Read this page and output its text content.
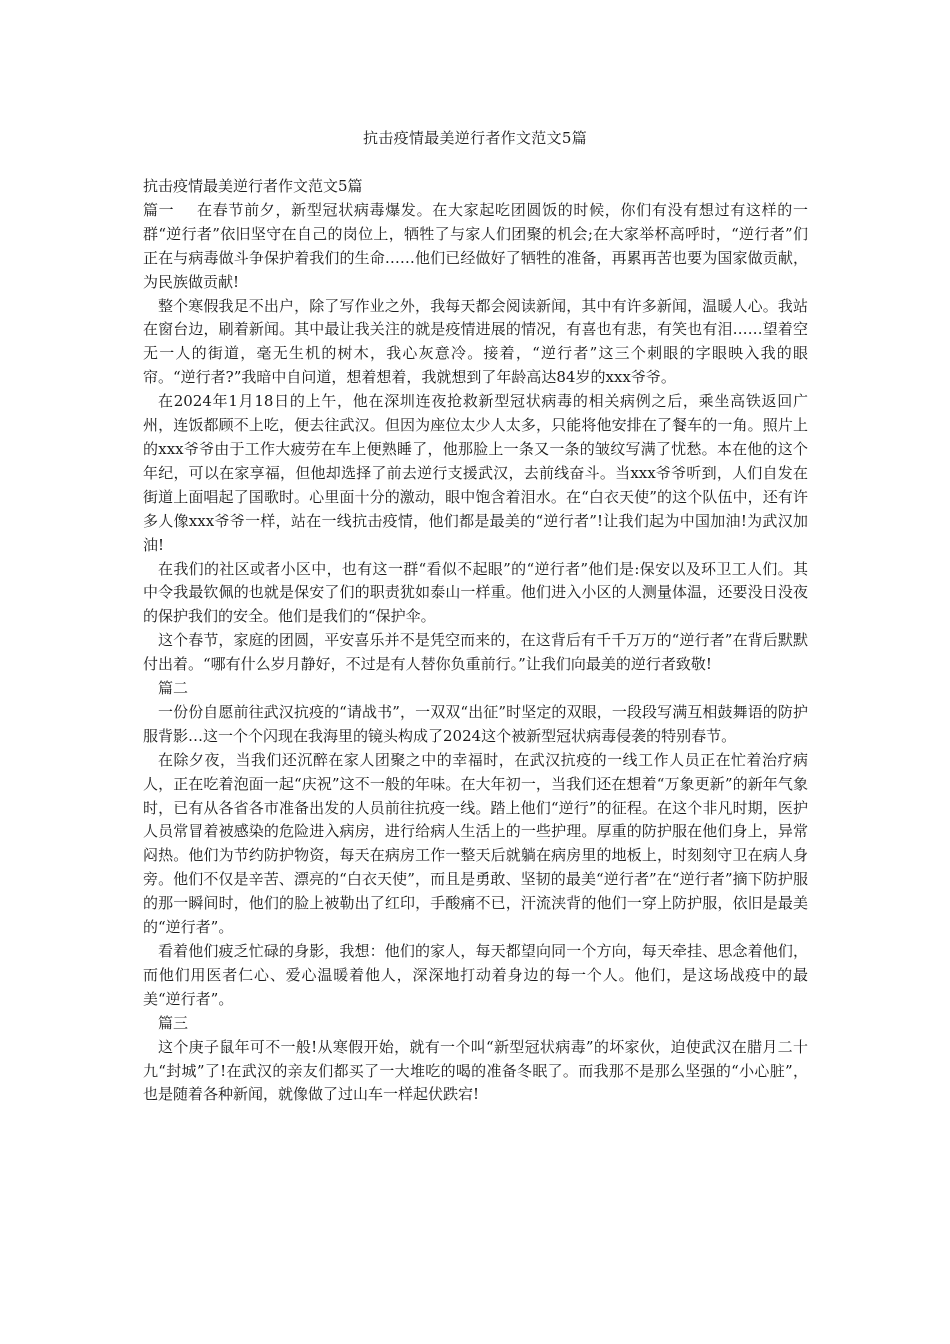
抗击疫情最美逆行者作文范文5篇

抗击疫情最美逆行者作文范文5篇

篇一 在春节前夕，新型冠状病毒爆发。在大家起吃团圆饭的时候，你们有没有想过有这样的一群“逆行者”依旧坚守在自己的岗位上，牺牲了与家人们团聚的机会;在大家举杯高呼时，“逆行者”们正在与病毒做斗争保护着我们的生命……他们已经做好了牺牲的准备，再累再苦也要为国家做贡献，为民族做贡献!

整个寒假我足不出户，除了写作业之外，我每天都会阅读新闻，其中有许多新闻，温暖人心。我站在窗台边，刷着新闻。其中最让我关注的就是疫情进展的情况，有喜也有悲，有笑也有泪……望着空无一人的街道，毫无生机的树木，我心灰意冷。接着，“逆行者”这三个刺眼的字眼映入我的眼帘。“逆行者?”我暗中自问道，想着想着，我就想到了年龄高达84岁的xxx爷爷。

在2024年1月18日的上午，他在深圳连夜抢救新型冠状病毒的相关病例之后，乘坐高铁返回广州，连饭都顾不上吃，便去往武汉。但因为座位太少人太多，只能将他安排在了餐车的一角。照片上的xxx爷爷由于工作大疲劳在车上便熟睡了，他那脸上一条又一条的皱纹写满了忧愁。本在他的这个年纪，可以在家享福，但他却选择了前去逆行支援武汉，去前线奋斗。当xxx爷爷听到，人们自发在街道上面唱起了国歌时。心里面十分的激动，眼中饱含着泪水。在“白衣天使”的这个队伍中，还有许多人像xxx爷爷一样，站在一线抗击疫情，他们都是最美的“逆行者”!让我们起为中国加油!为武汉加油!

在我们的社区或者小区中，也有这一群“看似不起眼”的“逆行者”他们是:保安以及环卫工人们。其中令我最钦佩的也就是保安了们的职责犹如泰山一样重。他们进入小区的人测量体温，还要没日没夜的保护我们的安全。他们是我们的“保护伞。

这个春节，家庭的团圆，平安喜乐并不是凭空而来的，在这背后有千千万万的“逆行者”在背后默默付出着。“哪有什么岁月静好，不过是有人替你负重前行。”让我们向最美的逆行者致敬!

篇二

一份份自愿前往武汉抗疫的“请战书”，一双双“出征”时坚定的双眼，一段段写满互相鼓舞语的防护服背影…这一个个闪现在我海里的镜头构成了2024这个被新型冠状病毒侵袭的特别春节。

在除夕夜，当我们还沉醉在家人团聚之中的幸福时，在武汉抗疫的一线工作人员正在忙着治疗病人，正在吃着泡面一起“庆祝”这不一般的年味。在大年初一，当我们还在想着“万象更新”的新年气象时，已有从各省各市准备出发的人员前往抗疫一线。踏上他们“逆行”的征程。在这个非凡时期，医护人员常冒着被感染的危险进入病房，进行给病人生活上的一些护理。厚重的防护服在他们身上，异常闷热。他们为节约防护物资，每天在病房工作一整天后就躺在病房里的地板上，时刻刻守卫在病人身旁。他们不仅是辛苦、漂亮的“白衣天使”，而且是勇敢、坚韧的最美“逆行者”在“逆行者”摘下防护服的那一瞬间时，他们的脸上被勒出了红印，手酸痛不已，汗流浃背的他们一穿上防护服，依旧是最美的“逆行者”。

看着他们疲乏忙碌的身影，我想：他们的家人，每天都望向同一个方向，每天牵挂、思念着他们，而他们用医者仁心、爱心温暖着他人，深深地打动着身边的每一个人。他们，是这场战疫中的最美“逆行者”。

篇三

这个庚子鼠年可不一般!从寒假开始，就有一个叫“新型冠状病毒”的坏家伙，迫使武汉在腊月二十九“封城”了!在武汉的亲友们都买了一大堆吃的喝的准备冬眠了。而我那不是那么坚强的“小心脏”，也是随着各种新闻，就像做了过山车一样起伏跌宕!
